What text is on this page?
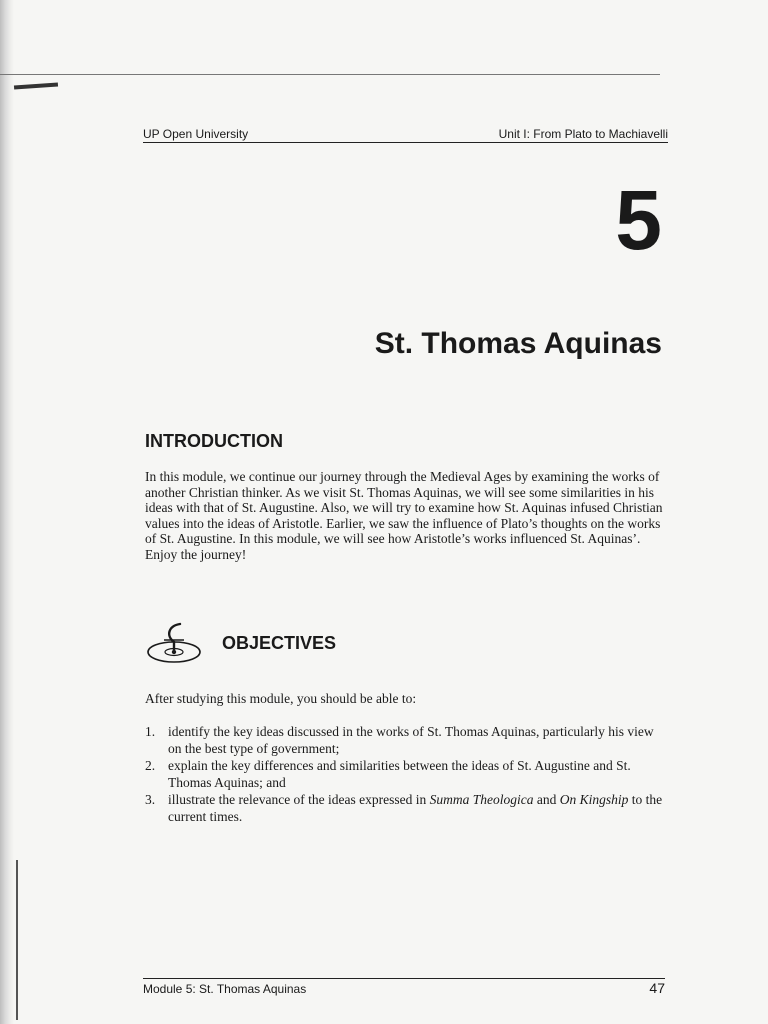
UP Open University	Unit I: From Plato to Machiavelli
5
St. Thomas Aquinas
INTRODUCTION
In this module, we continue our journey through the Medieval Ages by examining the works of another Christian thinker. As we visit St. Thomas Aquinas, we will see some similarities in his ideas with that of St. Augustine. Also, we will try to examine how St. Aquinas infused Christian values into the ideas of Aristotle. Earlier, we saw the influence of Plato’s thoughts on the works of St. Augustine. In this module, we will see how Aristotle’s works influenced St. Aquinas’. Enjoy the journey!
OBJECTIVES
After studying this module, you should be able to:
1. identify the key ideas discussed in the works of St. Thomas Aquinas, particularly his view on the best type of government;
2. explain the key differences and similarities between the ideas of St. Augustine and St. Thomas Aquinas; and
3. illustrate the relevance of the ideas expressed in Summa Theologica and On Kingship to the current times.
Module 5: St. Thomas Aquinas	47
